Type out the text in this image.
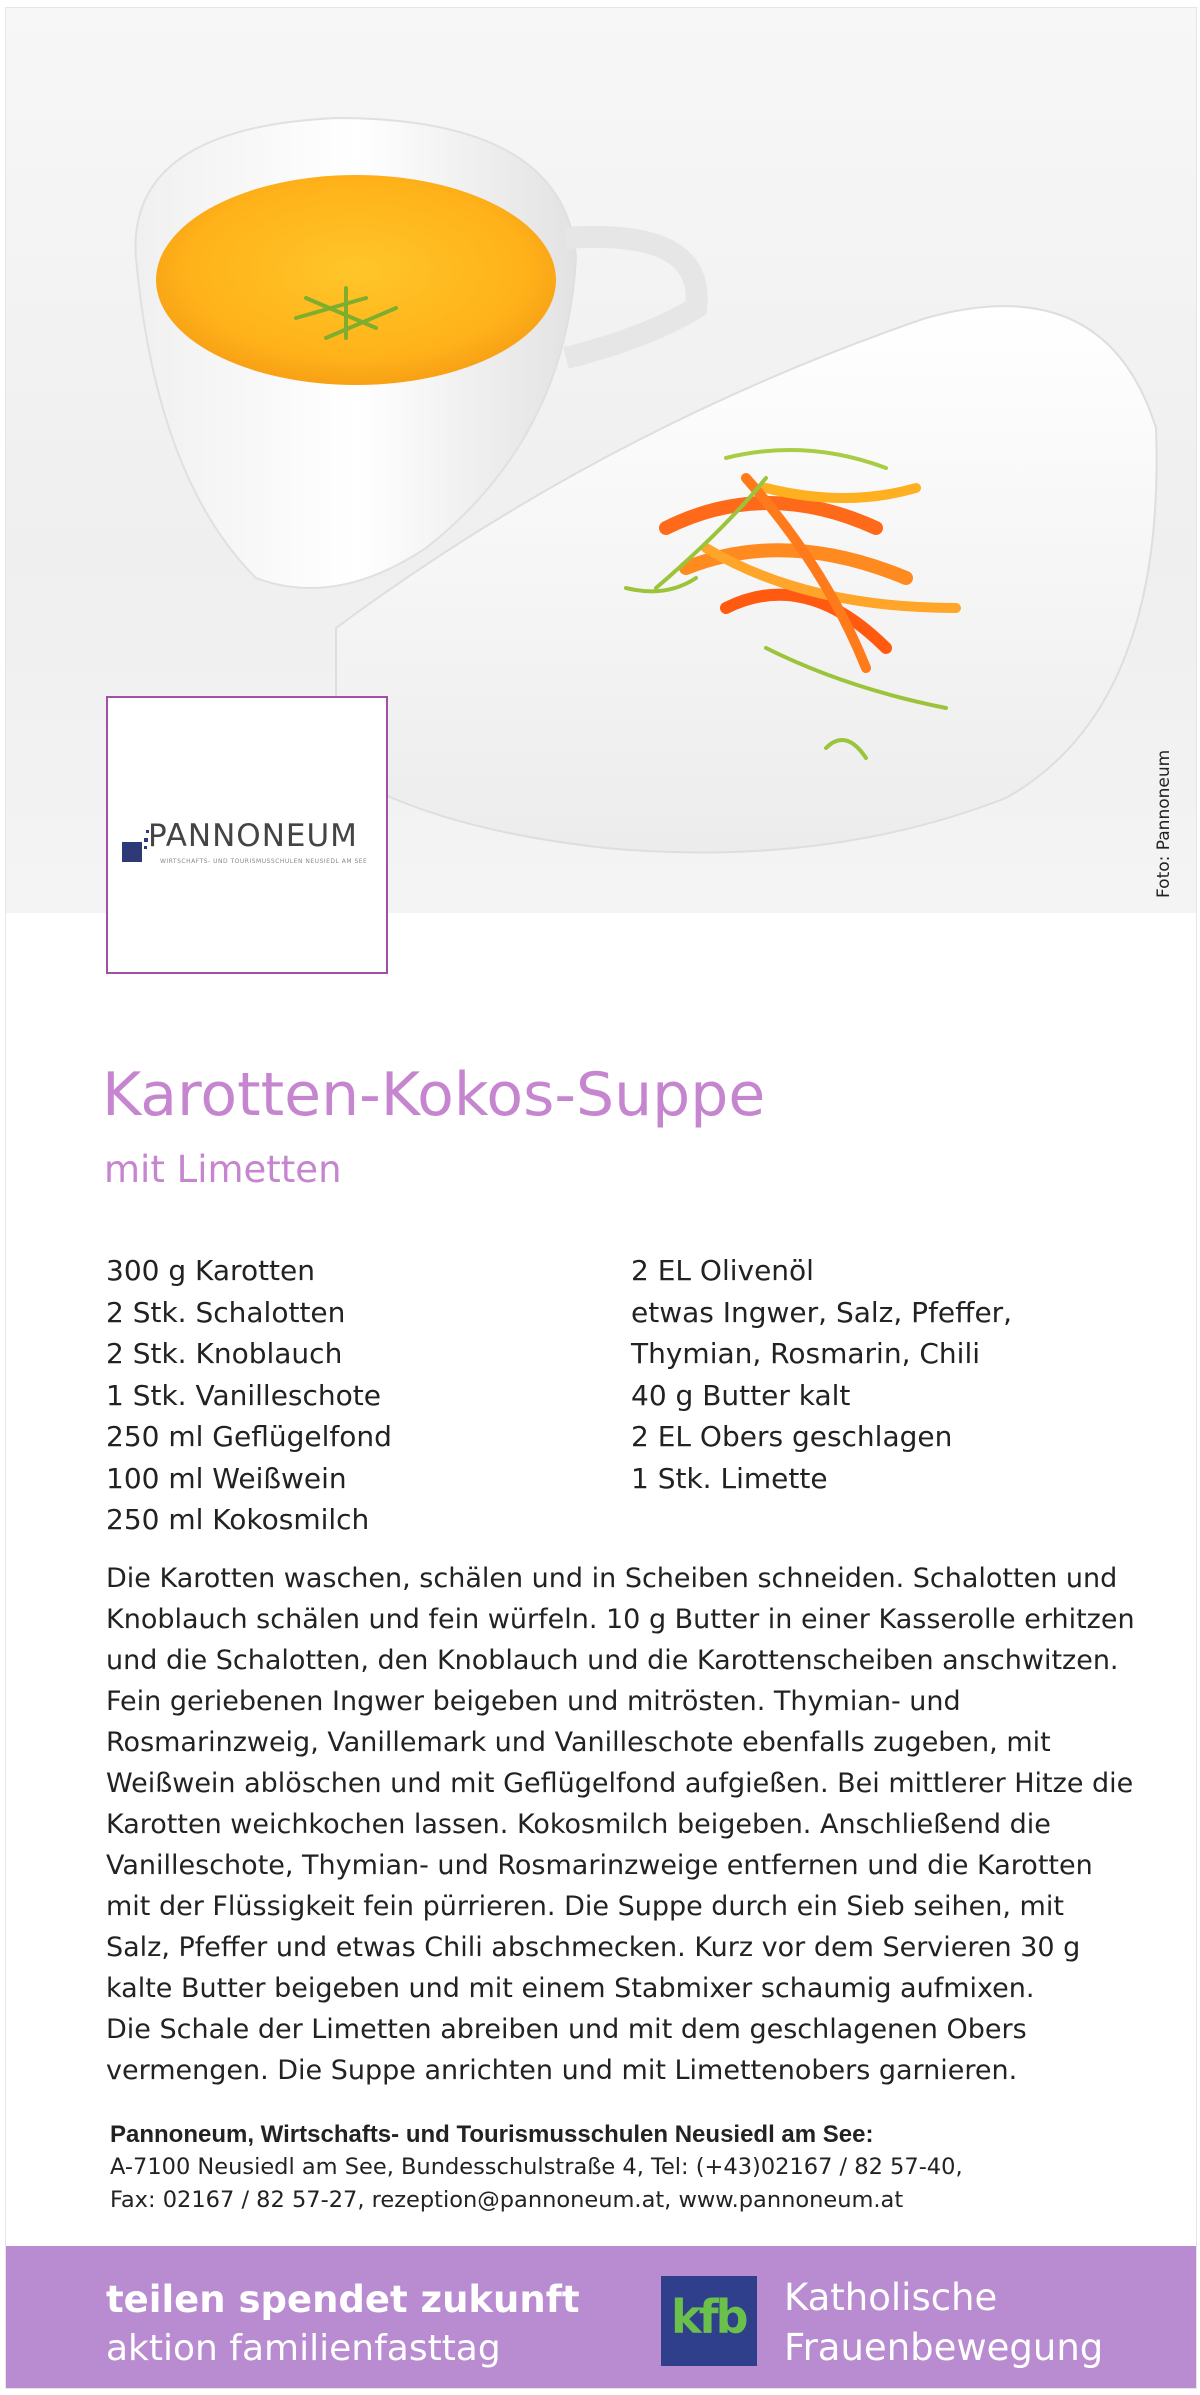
Foto: Pannoneum
PANNONEUM
WIRTSCHAFTS- UND TOURISMUSSCHULEN NEUSIEDL AM SEE
Karotten-Kokos-Suppe
mit Limetten
300 g Karotten
2 Stk. Schalotten
2 Stk. Knoblauch
1 Stk. Vanilleschote
250 ml Geflügelfond
100 ml Weißwein
250 ml Kokosmilch
2 EL Olivenöl
etwas Ingwer, Salz, Pfeffer,
Thymian, Rosmarin, Chili
40 g Butter kalt
2 EL Obers geschlagen
1 Stk. Limette

Die Karotten waschen, schälen und in Scheiben schneiden. Schalotten und Knoblauch schälen und fein würfeln. 10 g Butter in einer Kasserolle erhitzen und die Schalotten, den Knoblauch und die Karottenscheiben anschwitzen. Fein geriebenen Ingwer beigeben und mitrösten. Thymian- und Rosmarinzweig, Vanillemark und Vanilleschote ebenfalls zugeben, mit Weißwein ablöschen und mit Geflügelfond aufgießen. Bei mittlerer Hitze die Karotten weichkochen lassen. Kokosmilch beigeben. Anschließend die Vanilleschote, Thymian- und Rosmarinzweige entfernen und die Karotten mit der Flüssigkeit fein pürrieren. Die Suppe durch ein Sieb seihen, mit Salz, Pfeffer und etwas Chili abschmecken. Kurz vor dem Servieren 30 g kalte Butter beigeben und mit einem Stabmixer schaumig aufmixen.

Die Schale der Limetten abreiben und mit dem geschlagenen Obers vermengen. Die Suppe anrichten und mit Limettenobers garnieren.

Pannoneum, Wirtschafts- und Tourismusschulen Neusiedl am See:
A-7100 Neusiedl am See, Bundesschulstraße 4, Tel: (+43)02167 / 82 57-40,
Fax: 02167 / 82 57-27, rezeption@pannoneum.at, www.pannoneum.at
teilen spendet zukunft
aktion familienfasttag
kfb Katholische
Frauenbewegung
